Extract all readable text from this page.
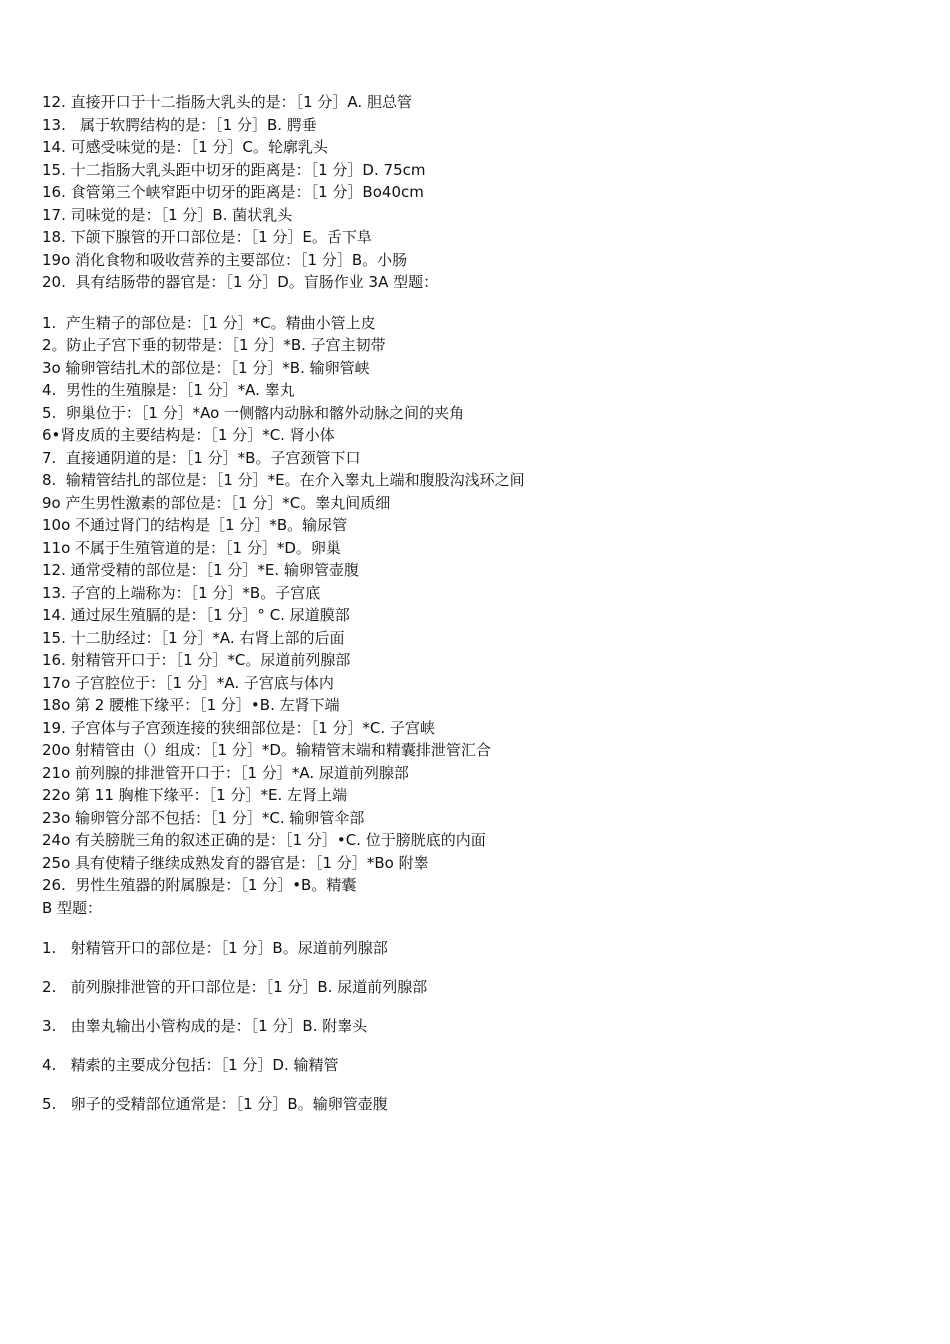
12. 直接开口于十二指肠大乳头的是：［1 分］A. 胆总管
13.   属于软腭结构的是：［1 分］B. 腭垂
14. 可感受味觉的是：［1 分］C。轮廓乳头
15. 十二指肠大乳头距中切牙的距离是：［1 分］D. 75cm
16. 食管第三个峡窄距中切牙的距离是：［1 分］Bo40cm
17. 司味觉的是：［1 分］B. 菌状乳头
18. 下颌下腺管的开口部位是：［1 分］E。舌下阜
19o 消化食物和吸收营养的主要部位：［1 分］B。小肠
20.  具有结肠带的器官是：［1 分］D。盲肠作业 3A 型题：
1.  产生精子的部位是：［1 分］*C。精曲小管上皮
2。防止子宫下垂的韧带是：［1 分］*B. 子宫主韧带
3o 输卵管结扎术的部位是：［1 分］*B. 输卵管峡
4.  男性的生殖腺是：［1 分］*A. 睾丸
5.  卵巢位于：［1 分］*Ao 一侧髂内动脉和髂外动脉之间的夹角
6•肾皮质的主要结构是：［1 分］*C. 肾小体
7.  直接通阴道的是：［1 分］*B。子宫颈管下口
8.  输精管结扎的部位是：［1 分］*E。在介入睾丸上端和腹股沟浅环之间
9o 产生男性激素的部位是：［1 分］*C。睾丸间质细
10o 不通过肾门的结构是［1 分］*B。输尿管
11o 不属于生殖管道的是：［1 分］*D。卵巢
12. 通常受精的部位是：［1 分］*E. 输卵管壶腹
13. 子宫的上端称为：［1 分］*B。子宫底
14. 通过尿生殖膈的是：［1 分］° C. 尿道膜部
15. 十二肋经过：［1 分］*A. 右肾上部的后面
16. 射精管开口于：［1 分］*C。尿道前列腺部
17o 子宫腔位于：［1 分］*A. 子宫底与体内
18o 第 2 腰椎下缘平：［1 分］•B. 左肾下端
19. 子宫体与子宫颈连接的狭细部位是：［1 分］*C. 子宫峡
20o 射精管由（）组成：［1 分］*D。输精管末端和精囊排泄管汇合
21o 前列腺的排泄管开口于：［1 分］*A. 尿道前列腺部
22o 第 11 胸椎下缘平：［1 分］*E. 左肾上端
23o 输卵管分部不包括：［1 分］*C. 输卵管伞部
24o 有关膀胱三角的叙述正确的是：［1 分］•C. 位于膀胱底的内面
25o 具有使精子继续成熟发育的器官是：［1 分］*Bo 附睾
26.  男性生殖器的附属腺是：［1 分］•B。精囊
B 型题：
1.   射精管开口的部位是：［1 分］B。尿道前列腺部
2.   前列腺排泄管的开口部位是：［1 分］B. 尿道前列腺部
3.   由睾丸输出小管构成的是：［1 分］B. 附睾头
4.   精索的主要成分包括：［1 分］D. 输精管
5.   卵子的受精部位通常是：［1 分］B。输卵管壶腹
